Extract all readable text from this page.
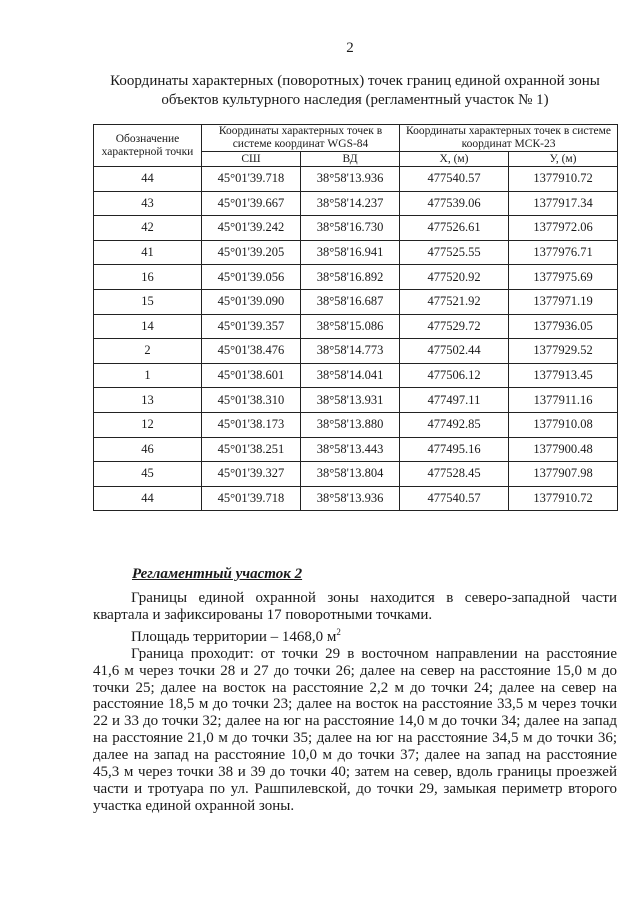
2
Координаты характерных (поворотных) точек границ единой охранной зоны
объектов культурного наследия (регламентный участок № 1)
Обозначение характерной точки	Координаты характерных точек в системе координат WGS-84		Координаты характерных точек в системе координат МСК-23	
	СШ	ВД	Х, (м)	У, (м)
44	45°01'39.718	38°58'13.936	477540.57	1377910.72
43	45°01'39.667	38°58'14.237	477539.06	1377917.34
42	45°01'39.242	38°58'16.730	477526.61	1377972.06
41	45°01'39.205	38°58'16.941	477525.55	1377976.71
16	45°01'39.056	38°58'16.892	477520.92	1377975.69
15	45°01'39.090	38°58'16.687	477521.92	1377971.19
14	45°01'39.357	38°58'15.086	477529.72	1377936.05
2	45°01'38.476	38°58'14.773	477502.44	1377929.52
1	45°01'38.601	38°58'14.041	477506.12	1377913.45
13	45°01'38.310	38°58'13.931	477497.11	1377911.16
12	45°01'38.173	38°58'13.880	477492.85	1377910.08
46	45°01'38.251	38°58'13.443	477495.16	1377900.48
45	45°01'39.327	38°58'13.804	477528.45	1377907.98
44	45°01'39.718	38°58'13.936	477540.57	1377910.72
Регламентный участок 2

Границы единой охранной зоны находится в северо-западной части квартала и зафиксированы 17 поворотными точками.

Площадь территории – 1468,0 $м^2$

Граница проходит: от точки 29 в восточном направлении на расстояние 41,6 м через точки 28 и 27 до точки 26; далее на север на расстояние 15,0 м до точки 25; далее на восток на расстояние 2,2 м до точки 24; далее на север на расстояние 18,5 м до точки 23; далее на восток на расстояние 33,5 м через точки 22 и 33 до точки 32; далее на юг на расстояние 14,0 м до точки 34; далее на запад на расстояние 21,0 м до точки 35; далее на юг на расстояние 34,5 м до точки 36; далее на запад на расстояние 10,0 м до точки 37; далее на запад на расстояние 45,3 м через точки 38 и 39 до точки 40; затем на север, вдоль границы проезжей части и тротуара по ул. Рашпилевской, до точки 29, замыкая периметр второго участка единой охранной зоны.
